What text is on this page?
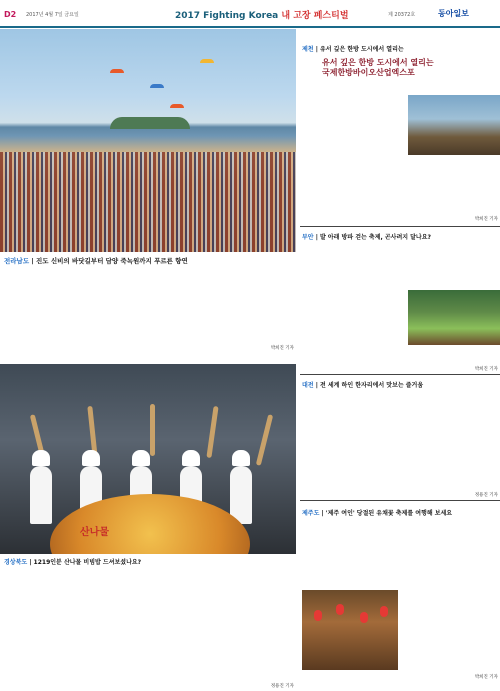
D2 2017년 4월 7일 금요일	2017 Fighting Korea 내 고장 페스티벌	제 20372호	동아일보
전라남도 | 진도 신비의 바닷길부터 담양 죽녹원까지 푸르른 향연
박희진 기자
산나물
경상북도 | 1219인분 산나물 비빔밥 드셔보셨나요?
정용진 기자
제천 | 유서 깊은 한방 도시에서 열리는
유서 깊은 한방 도시에서 열리는
국제한방바이오산업엑스포
박희진 기자
부안 | 발 아래 방파 걷는 축제, 곤사려지 달나요?
박희진 기자
대전 | 전 세계 하인 한자리에서 맛보는 즐거움
정용진 기자
제주도 | '제주 여인' 당절된 유채꽃 축제를 여행해 보세요
박희진 기자
